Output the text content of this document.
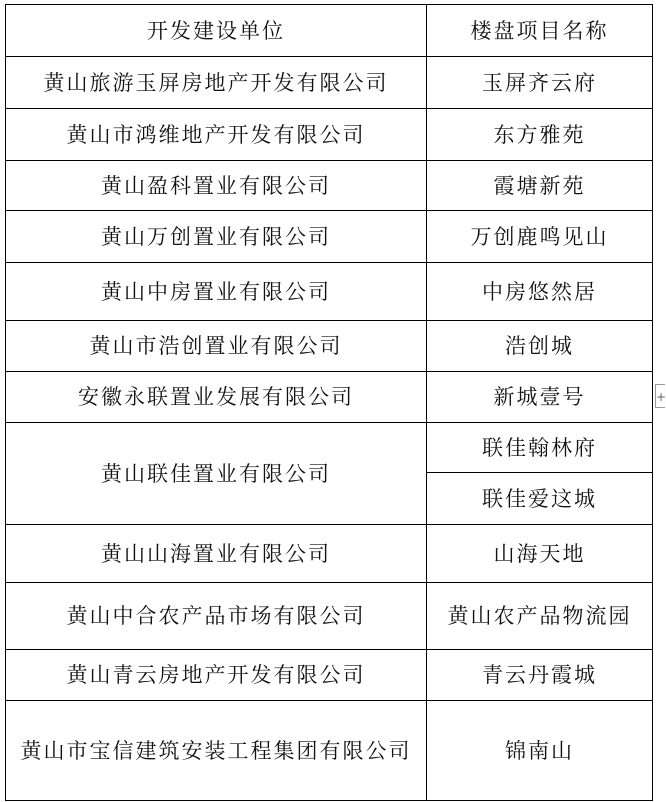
开发建设单位	楼盘项目名称
黄山旅游玉屏房地产开发有限公司	玉屏齐云府
黄山市鸿维地产开发有限公司	东方雅苑
黄山盈科置业有限公司	霞塘新苑
黄山万创置业有限公司	万创鹿鸣见山
黄山中房置业有限公司	中房悠然居
黄山市浩创置业有限公司	浩创城
安徽永联置业发展有限公司	新城壹号
黄山联佳置业有限公司	联佳翰林府
	联佳爱这城
黄山山海置业有限公司	山海天地
黄山中合农产品市场有限公司	黄山农产品物流园
黄山青云房地产开发有限公司	青云丹霞城
黄山市宝信建筑安装工程集团有限公司	锦南山
+
